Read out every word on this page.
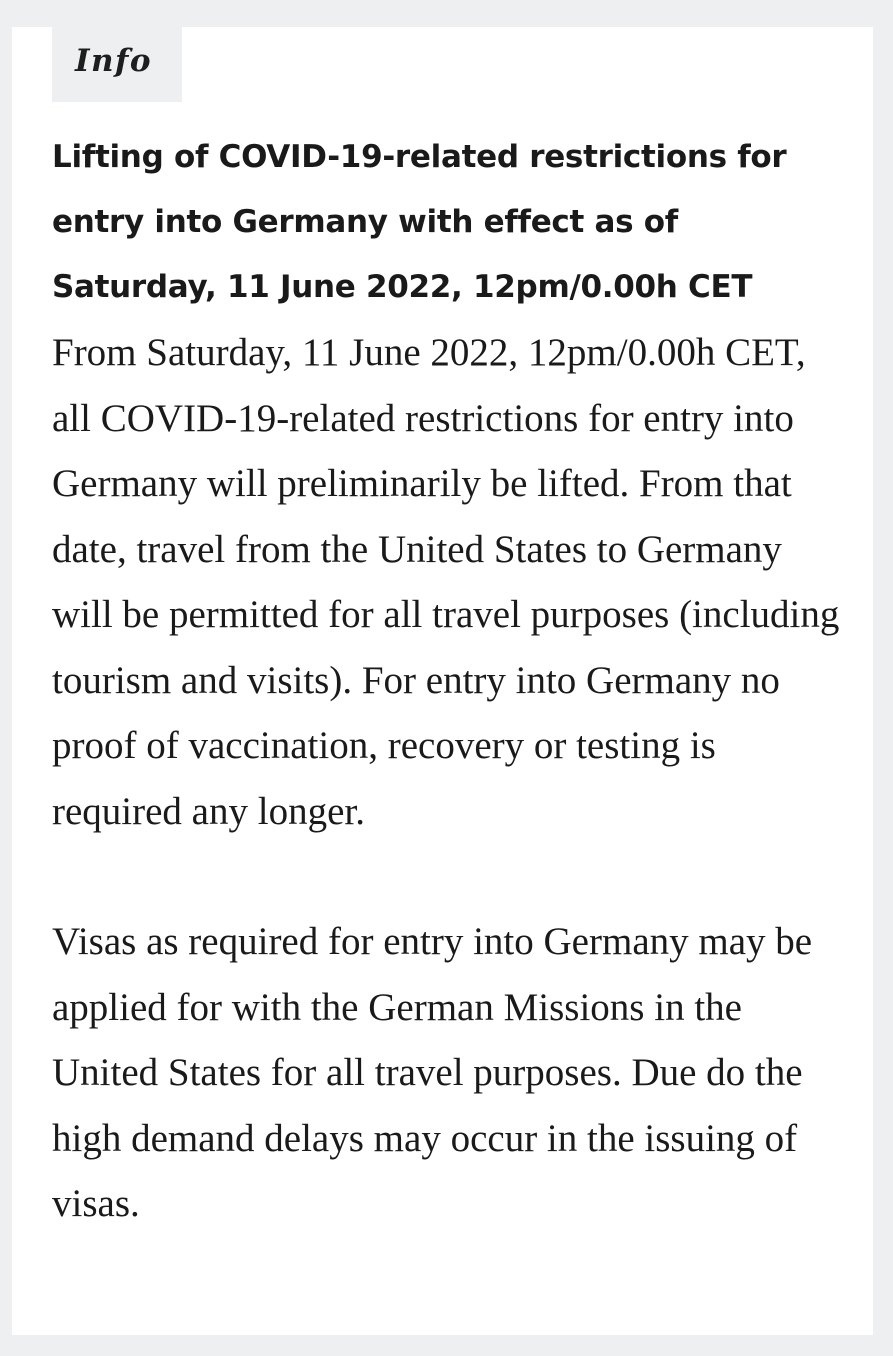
Info

Lifting of COVID-19-related restrictions for entry into Germany with effect as of Saturday, 11 June 2022, 12pm/0.00h CET

From Saturday, 11 June 2022, 12pm/0.00h CET, all COVID-19-related restrictions for entry into Germany will preliminarily be lifted. From that date, travel from the United States to Germany will be permitted for all travel purposes (including tourism and visits). For entry into Germany no proof of vaccination, recovery or testing is required any longer.

Visas as required for entry into Germany may be applied for with the German Missions in the United States for all travel purposes. Due do the high demand delays may occur in the issuing of visas.
